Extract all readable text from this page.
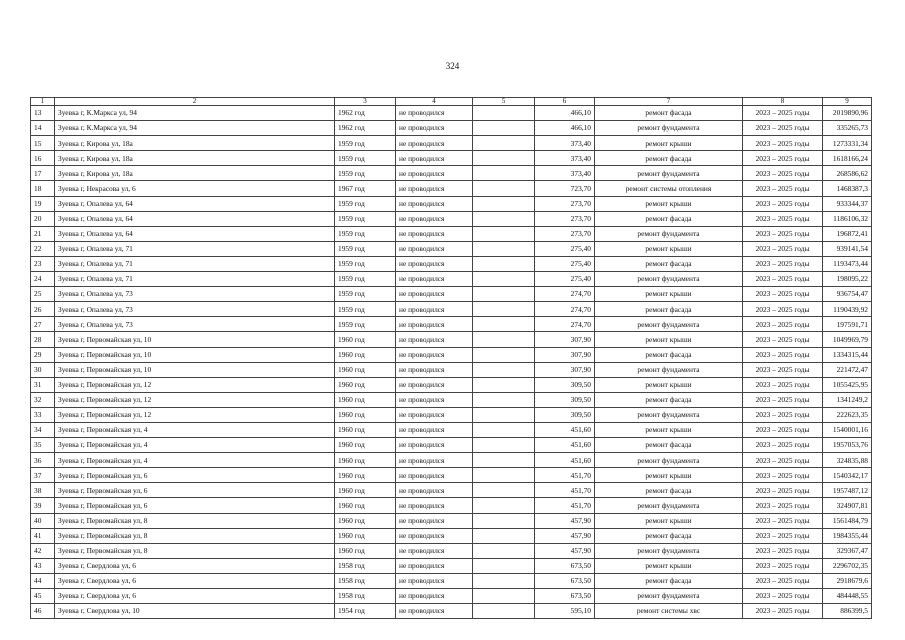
324
1	2	3	4	5	6	7	8	9
13	Зуевка г, К.Маркса ул, 94	1962 год	не проводился		466,10	ремонт фасада	2023 – 2025 годы	2019890,96
14	Зуевка г, К.Маркса ул, 94	1962 год	не проводился		466,10	ремонт фундамента	2023 – 2025 годы	335265,73
15	Зуевка г, Кирова ул, 18а	1959 год	не проводился		373,40	ремонт крыши	2023 – 2025 годы	1273331,34
16	Зуевка г, Кирова ул, 18а	1959 год	не проводился		373,40	ремонт фасада	2023 – 2025 годы	1618166,24
17	Зуевка г, Кирова ул, 18а	1959 год	не проводился		373,40	ремонт фундамента	2023 – 2025 годы	268586,62
18	Зуевка г, Некрасова ул, 6	1967 год	не проводился		723,70	ремонт системы отопления	2023 – 2025 годы	1468387,3
19	Зуевка г, Опалева ул, 64	1959 год	не проводился		273,70	ремонт крыши	2023 – 2025 годы	933344,37
20	Зуевка г, Опалева ул, 64	1959 год	не проводился		273,70	ремонт фасада	2023 – 2025 годы	1186106,32
21	Зуевка г, Опалева ул, 64	1959 год	не проводился		273,70	ремонт фундамента	2023 – 2025 годы	196872,41
22	Зуевка г, Опалева ул, 71	1959 год	не проводился		275,40	ремонт крыши	2023 – 2025 годы	939141,54
23	Зуевка г, Опалева ул, 71	1959 год	не проводился		275,40	ремонт фасада	2023 – 2025 годы	1193473,44
24	Зуевка г, Опалева ул, 71	1959 год	не проводился		275,40	ремонт фундамента	2023 – 2025 годы	198095,22
25	Зуевка г, Опалева ул, 73	1959 год	не проводился		274,70	ремонт крыши	2023 – 2025 годы	936754,47
26	Зуевка г, Опалева ул, 73	1959 год	не проводился		274,70	ремонт фасада	2023 – 2025 годы	1190439,92
27	Зуевка г, Опалева ул, 73	1959 год	не проводился		274,70	ремонт фундамента	2023 – 2025 годы	197591,71
28	Зуевка г, Первомайская ул, 10	1960 год	не проводился		307,90	ремонт крыши	2023 – 2025 годы	1049969,79
29	Зуевка г, Первомайская ул, 10	1960 год	не проводился		307,90	ремонт фасада	2023 – 2025 годы	1334315,44
30	Зуевка г, Первомайская ул, 10	1960 год	не проводился		307,90	ремонт фундамента	2023 – 2025 годы	221472,47
31	Зуевка г, Первомайская ул, 12	1960 год	не проводился		309,50	ремонт крыши	2023 – 2025 годы	1055425,95
32	Зуевка г, Первомайская ул, 12	1960 год	не проводился		309,50	ремонт фасада	2023 – 2025 годы	1341249,2
33	Зуевка г, Первомайская ул, 12	1960 год	не проводился		309,50	ремонт фундамента	2023 – 2025 годы	222623,35
34	Зуевка г, Первомайская ул, 4	1960 год	не проводился		451,60	ремонт крыши	2023 – 2025 годы	1540001,16
35	Зуевка г, Первомайская ул, 4	1960 год	не проводился		451,60	ремонт фасада	2023 – 2025 годы	1957053,76
36	Зуевка г, Первомайская ул, 4	1960 год	не проводился		451,60	ремонт фундамента	2023 – 2025 годы	324835,88
37	Зуевка г, Первомайская ул, 6	1960 год	не проводился		451,70	ремонт крыши	2023 – 2025 годы	1540342,17
38	Зуевка г, Первомайская ул, 6	1960 год	не проводился		451,70	ремонт фасада	2023 – 2025 годы	1957487,12
39	Зуевка г, Первомайская ул, 6	1960 год	не проводился		451,70	ремонт фундамента	2023 – 2025 годы	324907,81
40	Зуевка г, Первомайская ул, 8	1960 год	не проводился		457,90	ремонт крыши	2023 – 2025 годы	1561484,79
41	Зуевка г, Первомайская ул, 8	1960 год	не проводился		457,90	ремонт фасада	2023 – 2025 годы	1984355,44
42	Зуевка г, Первомайская ул, 8	1960 год	не проводился		457,90	ремонт фундамента	2023 – 2025 годы	329367,47
43	Зуевка г, Свердлова ул, 6	1958 год	не проводился		673,50	ремонт крыши	2023 – 2025 годы	2296702,35
44	Зуевка г, Свердлова ул, 6	1958 год	не проводился		673,50	ремонт фасада	2023 – 2025 годы	2918679,6
45	Зуевка г, Свердлова ул, 6	1958 год	не проводился		673,50	ремонт фундамента	2023 – 2025 годы	484448,55
46	Зуевка г, Свердлова ул, 10	1954 год	не проводился		595,10	ремонт системы хвс	2023 – 2025 годы	886399,5
